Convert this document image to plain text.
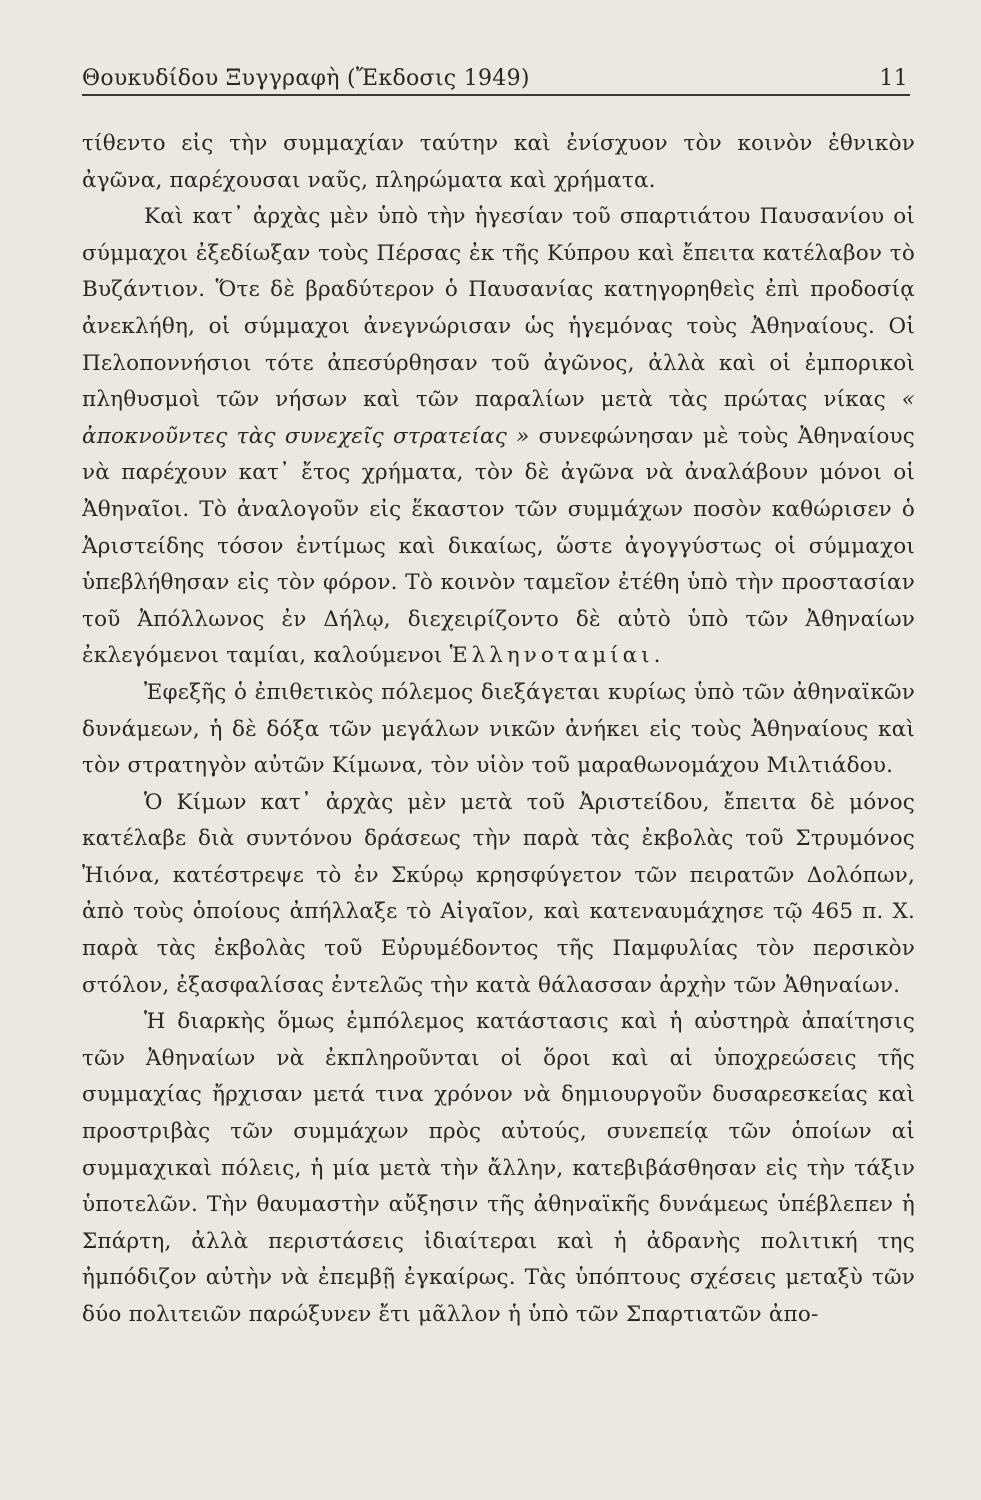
Θουκυδίδου Ξυγγραφὴ (Ἔκδοσις 1949)	11

τίθεντο εἰς τὴν συμμαχίαν ταύτην καὶ ἐνίσχυον τὸν κοινὸν ἐθνικὸν ἀγῶνα, παρέχουσαι ναῦς, πληρώματα καὶ χρήματα.

Καὶ κατ᾽ ἀρχὰς μὲν ὑπὸ τὴν ἡγεσίαν τοῦ σπαρτιάτου Παυσανίου οἱ σύμμαχοι ἐξεδίωξαν τοὺς Πέρσας ἐκ τῆς Κύπρου καὶ ἔπειτα κατέλαβον τὸ Βυζάντιον. Ὅτε δὲ βραδύτερον ὁ Παυσανίας κατηγορηθεὶς ἐπὶ προδοσίᾳ ἀνεκλήθη, οἱ σύμμαχοι ἀνεγνώρισαν ὡς ἡγεμόνας τοὺς Ἀθηναίους. Οἱ Πελοποννήσιοι τότε ἀπεσύρθησαν τοῦ ἀγῶνος, ἀλλὰ καὶ οἱ ἐμπορικοὶ πληθυσμοὶ τῶν νήσων καὶ τῶν παραλίων μετὰ τὰς πρώτας νίκας « ἀποκνοῦντες τὰς συνεχεῖς στρατείας » συνεφώνησαν μὲ τοὺς Ἀθηναίους νὰ παρέχουν κατ᾽ ἔτος χρήματα, τὸν δὲ ἀγῶνα νὰ ἀναλάβουν μόνοι οἱ Ἀθηναῖοι. Τὸ ἀναλογοῦν εἰς ἕκαστον τῶν συμμάχων ποσὸν καθώρισεν ὁ Ἀριστείδης τόσον ἐντίμως καὶ δικαίως, ὥστε ἀγογγύστως οἱ σύμμαχοι ὑπεβλήθησαν εἰς τὸν φόρον. Τὸ κοινὸν ταμεῖον ἐτέθη ὑπὸ τὴν προστασίαν τοῦ Ἀπόλλωνος ἐν Δήλῳ, διεχειρίζοντο δὲ αὐτὸ ὑπὸ τῶν Ἀθηναίων ἐκλεγόμενοι ταμίαι, καλούμενοι Ἑλληνοταμίαι.

Ἐφεξῆς ὁ ἐπιθετικὸς πόλεμος διεξάγεται κυρίως ὑπὸ τῶν ἀθηναϊκῶν δυνάμεων, ἡ δὲ δόξα τῶν μεγάλων νικῶν ἀνήκει εἰς τοὺς Ἀθηναίους καὶ τὸν στρατηγὸν αὐτῶν Κίμωνα, τὸν υἱὸν τοῦ μαραθωνομάχου Μιλτιάδου.

Ὁ Κίμων κατ᾽ ἀρχὰς μὲν μετὰ τοῦ Ἀριστείδου, ἔπειτα δὲ μόνος κατέλαβε διὰ συντόνου δράσεως τὴν παρὰ τὰς ἐκβολὰς τοῦ Στρυμόνος Ἠιόνα, κατέστρεψε τὸ ἐν Σκύρῳ κρησφύγετον τῶν πειρατῶν Δολόπων, ἀπὸ τοὺς ὁποίους ἀπήλλαξε τὸ Αἰγαῖον, καὶ κατεναυμάχησε τῷ 465 π. Χ. παρὰ τὰς ἐκβολὰς τοῦ Εὐρυμέδοντος τῆς Παμφυλίας τὸν περσικὸν στόλον, ἐξασφαλίσας ἐντελῶς τὴν κατὰ θάλασσαν ἀρχὴν τῶν Ἀθηναίων.

Ἡ διαρκὴς ὅμως ἐμπόλεμος κατάστασις καὶ ἡ αὐστηρὰ ἀπαίτησις τῶν Ἀθηναίων νὰ ἐκπληροῦνται οἱ ὅροι καὶ αἱ ὑποχρεώσεις τῆς συμμαχίας ἤρχισαν μετά τινα χρόνον νὰ δημιουργοῦν δυσαρεσκείας καὶ προστριβὰς τῶν συμμάχων πρὸς αὐτούς, συνεπείᾳ τῶν ὁποίων αἱ συμμαχικαὶ πόλεις, ἡ μία μετὰ τὴν ἄλλην, κατεβιβάσθησαν εἰς τὴν τάξιν ὑποτελῶν. Τὴν θαυμαστὴν αὔξησιν τῆς ἀθηναϊκῆς δυνάμεως ὑπέβλεπεν ἡ Σπάρτη, ἀλλὰ περιστάσεις ἰδιαίτεραι καὶ ἡ ἀδρανὴς πολιτική της ἠμπόδιζον αὐτὴν νὰ ἐπεμβῇ ἐγκαίρως. Τὰς ὑπόπτους σχέσεις μεταξὺ τῶν δύο πολιτειῶν παρώξυνεν ἔτι μᾶλλον ἡ ὑπὸ τῶν Σπαρτιατῶν ἀπο-
